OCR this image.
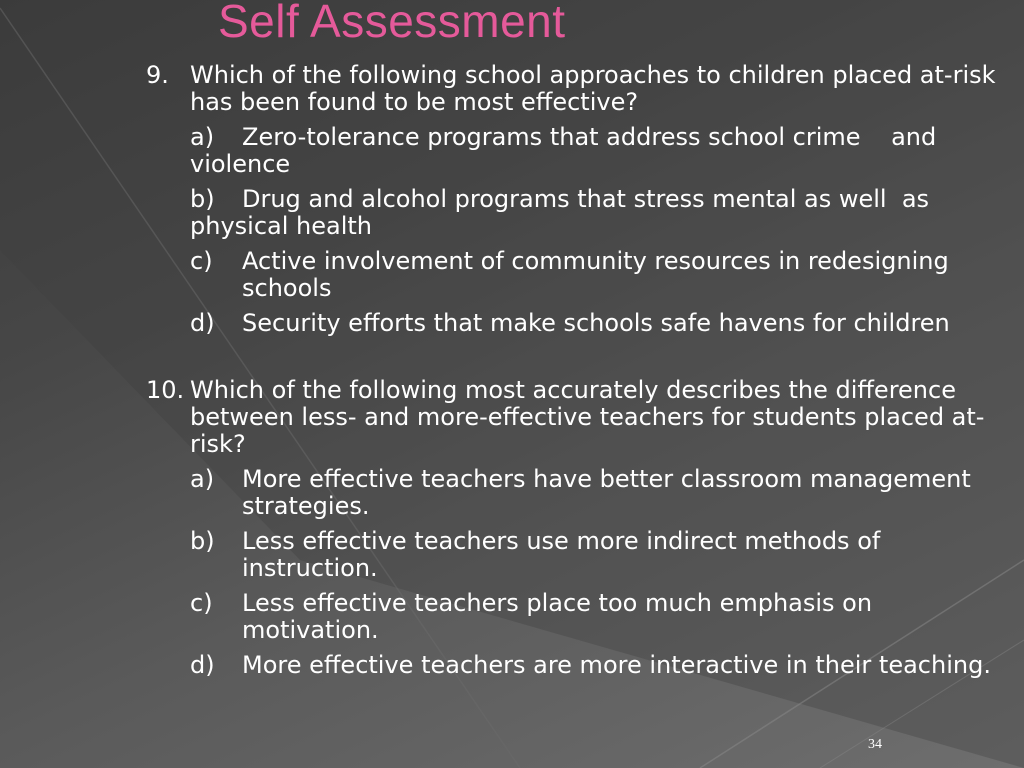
Self Assessment
9. Which of the following school approaches to children placed at-risk has been found to be most effective?
a) Zero-tolerance programs that address school crime    and violence
b) Drug and alcohol programs that stress mental as well  as physical health
c)	Active involvement of community resources in redesigning schools
d)	Security efforts that make schools safe havens for children
10. Which of the following most accurately describes the difference between less- and more-effective teachers for students placed at-risk?
a)	More effective teachers have better classroom management strategies.
b)	Less effective teachers use more indirect methods of instruction.
c)	Less effective teachers place too much emphasis on motivation.
d)	More effective teachers are more interactive in their teaching.
34
